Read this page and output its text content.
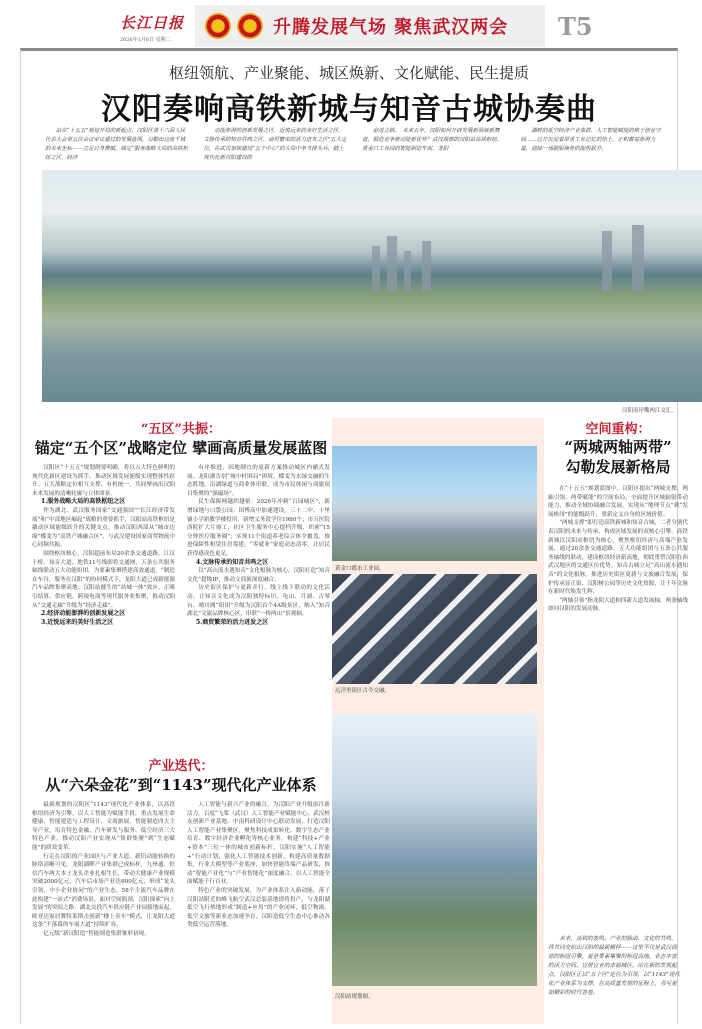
长江日报
2026年1月6日 星期二
升腾发展气场 聚焦武汉两会 T5
枢纽领航、产业聚能、城区焕新、文化赋能、民生提质
汉阳奏响高铁新城与知音古城协奏曲

站在“十五五”规划开局的新起点，汉阳区第十六届人民代表大会第五次会议审议通过的发展蓝图，勾勒出这座千城的未来坐标——立足自身禀赋，锚定“服务战略大局的高铁枢纽之区、经济

动能澎湃的创新发展之区、近悦远来的美好生活之区、文脉传承的知音共鸣之区、商贸繁荣的活力迸发之区”五大定位，在武汉加快建设“五个中心”的大局中争当排头兵，踏上现代化新汉阳建设的

奋进之路。　未来五年，汉阳如何开辟发展新领域新赛道，锻造竞争新动能新优势？武汉西部的汉阳站高铁枢纽、黄金口工业园的智能制造车间、龙阳

湖畔的低空经济产业集群、人工智能赋能的格子创业空间……这片沉淀着厚重工业记忆的热土，正积蓄着澎湃力量，迎接一场脱胎换骨的能级跃升。

汉阳南岸嘴两江交汇。
“五区”共振：
锚定“五个区”战略定位 擘画高质量发展蓝图

汉阳区“十五五”规划纲要明确，将以五大特色鲜明的现代化新区建设为抓手，推动区域发展能级实现整体性跃升。五大战略定位相互支撑、有机统一，共同擘画出汉阳未来发展的清晰轮廓与立体图景。

1.服务战略大局的高铁枢纽之区

作为湖北、武汉服务国家“交通强国”“长江经济带发展”和“中部地区崛起”战略的重要抓手，汉阳站高铁枢纽是撬动区域能级跃升的关键支点。推动汉阳西部从“城市边缘”蝶变为“高铁产城融合区”，与武汉建设国家商贸物流中心同频共振。

围绕枢纽核心，汉阳超前布局20余条交通道路，江汉十桥、知音大道、地铁11号线即将交通网，五条公共服务轴线联动五大功能组团，为要素集聚搭建高效通道。“制造在车谷，服务在汉阳”的协同模式下，龙阳大道已成新能源汽车品牌集聚高地；汉阳站催生的“站城一体”效应，正吸引结算、供应链、跨境电商等现代服务业集聚，推动汉阳从“交通走廊”升级为“经济走廊”。

2.经济动能澎湃的创新发展之区
3.近悦远来的美好生活之区

有序推进，因地制宜的更新方案推动城区内涵式发展。龙阳湖告别“城中村困局”困境，蝶变为水绿交融的生态胜地，沿湖绿道与商业体串联，成为市民休闲与商旅项目集聚的“强磁场”。

民生保障网越织越密：2026年冲刺“百园城区”，新增绿地与口袋公园；国博高中加速建设，三十二中、十里铺小学新教学楼投用，新增义务段学位1980个；市五医院西院扩大片竣工，社区卫生服务中心提档升级，织密“15分钟医疗服务圈”；实现11个街道养老综合体全覆盖，推进保障性租赁住房筹建，“零就业”家庭动态清零，让居民获得感成色更足。

4.文脉传承的知音共鸣之区

以“高山流水遇知音”文化根脉为核心，汉阳打造“知音文化”超级IP，推动文商旅深度融合。

历史街区保护与更新并行，线上线下联动的文化活动，让知音文化成为汉阳独特标识。龟山、月湖、古琴台、晴川阁“组团”升级为汉阳首个4A级景区，纳入“知音湖北”文旅品牌核心区，串联“一桥两山”景观轴。

5.商贸繁荣的活力迸发之区
产业迭代：
从“六朵金花”到“1143”现代化产业体系

最新规划的汉阳区“1143”现代化产业体系，以高铁枢纽经济为引擎，以人工智能为赋能手段，重点发展生命健康、智能建造与工程设计、文商旅展、智能制造四大主导产业，培育特色金融、汽车研发与服务、低空经济三大特色产业，推动汉阳产业实现从“集群集聚”到“生态赋能”的质效变革。

行走在汉阳的产业园区与产业大道，新旧动能转换的脉络清晰可见。龙阳湖畔产业集群已成标杆，九州通、恒信汽车两大本土龙头企业扎根生长，带动大健康产业规模突破2000亿元，汽车后市场产业达600亿元，形成“龙头引领、中小企业协同”的产业生态。58个主流汽车品牌在此构建“一站式”消费场景，面对空间瓶颈，汉阳探索“向上发展”的突围之路：湖北交投汽车供应链产业园拔地而起，欧亚达家居舞特莱斯击创新“楼上卖车”模式，让龙阳大道这条“不落幕的车展大道”持续扩容。

亿元级“新汉阳造”智能制造集群雏形初现。

人工智能与新兴产业的融合，为汉阳产业升级添注新活力。百度“飞桨（武汉）人工智能产业赋能中心、武汉校友创新产业基地、中南科研设计中心联动发展，打造汉阳人工智能产业集聚区，聚焦科技成果转化、数字生态产业培育、数字经济企业孵化等核心业务，构建“科技+产业+资本”三位一体的城市创新标杆。汉阳实施“人工智能+”行动计划，强化人工智能技术创新，构建高质量数据集，行业大模型等产业底座，加快智能终端产品研发，推动“智能产业化”与“产业智能化”深度融合，以人工智能全面赋能千行百业。

特色产业的突破发展，为产业体系注入新动能。落子汉阳站附近的峰飞航空武汉总装基地即将投产，与龙阳湖低空飞行热地形成“制造+应用”的产业闭环，低空物流、低空文旅等新业态加速孕育，汉阳造低空生态中心推动各类低空运营落地。

黄金口都市工业园。
远洋里街区古今交融。
汉阳站规划图。
空间重构：
“两城两轴两带”
勾勒发展新格局

在“十五五”规划蓝图中，汉阳区提出“两城支撑、两轴引领、两带赋能”的空间布局，全面提升区域辐射带动能力，推动全域协调融合发展，实现从“地理节点”到“发展枢纽”的能级跃升，重新定义自身的区域价值。

“两城支撑”即打造高铁新城和知音古城，二者分别代表汉阳的未来与传承，构成区域发展的双核心引擎。高铁新城以汉阳站枢纽为核心，聚焦枢纽经济与高端产业发展，通过20余条交通道路、五大功能组团与五条公共服务轴线的联动，建设枢纽经济新高地，彻底重塑汉阳在西武汉地区的交通区位优势。知音古城立足“高山流水遇知音”的文化根脉，推进历史街区更新与文旅融合发展，保护传承显正街、汉阳树公园等历史文化资源，让千年文脉在新时代焕发生辉。

“两轴引领”指龙阳大道和四新大道发展轴，两条轴线如同汉阳的发展动脉。

未来，高铁的轰鸣、产业的脉动、文化的共鸣，将共同交织出汉阳的最新模样——这里不仅是武汉西部的枢纽引擎，更是要素集聚的枢纽高地、业态丰富的活力空间、宜居宜业的幸福城区。站在新的发展起点，汉阳区正以“五个区”定位为引领，以“1143”现代化产业体系为支撑，在高质量发展的征程上，书写更加精彩的时代答卷。
